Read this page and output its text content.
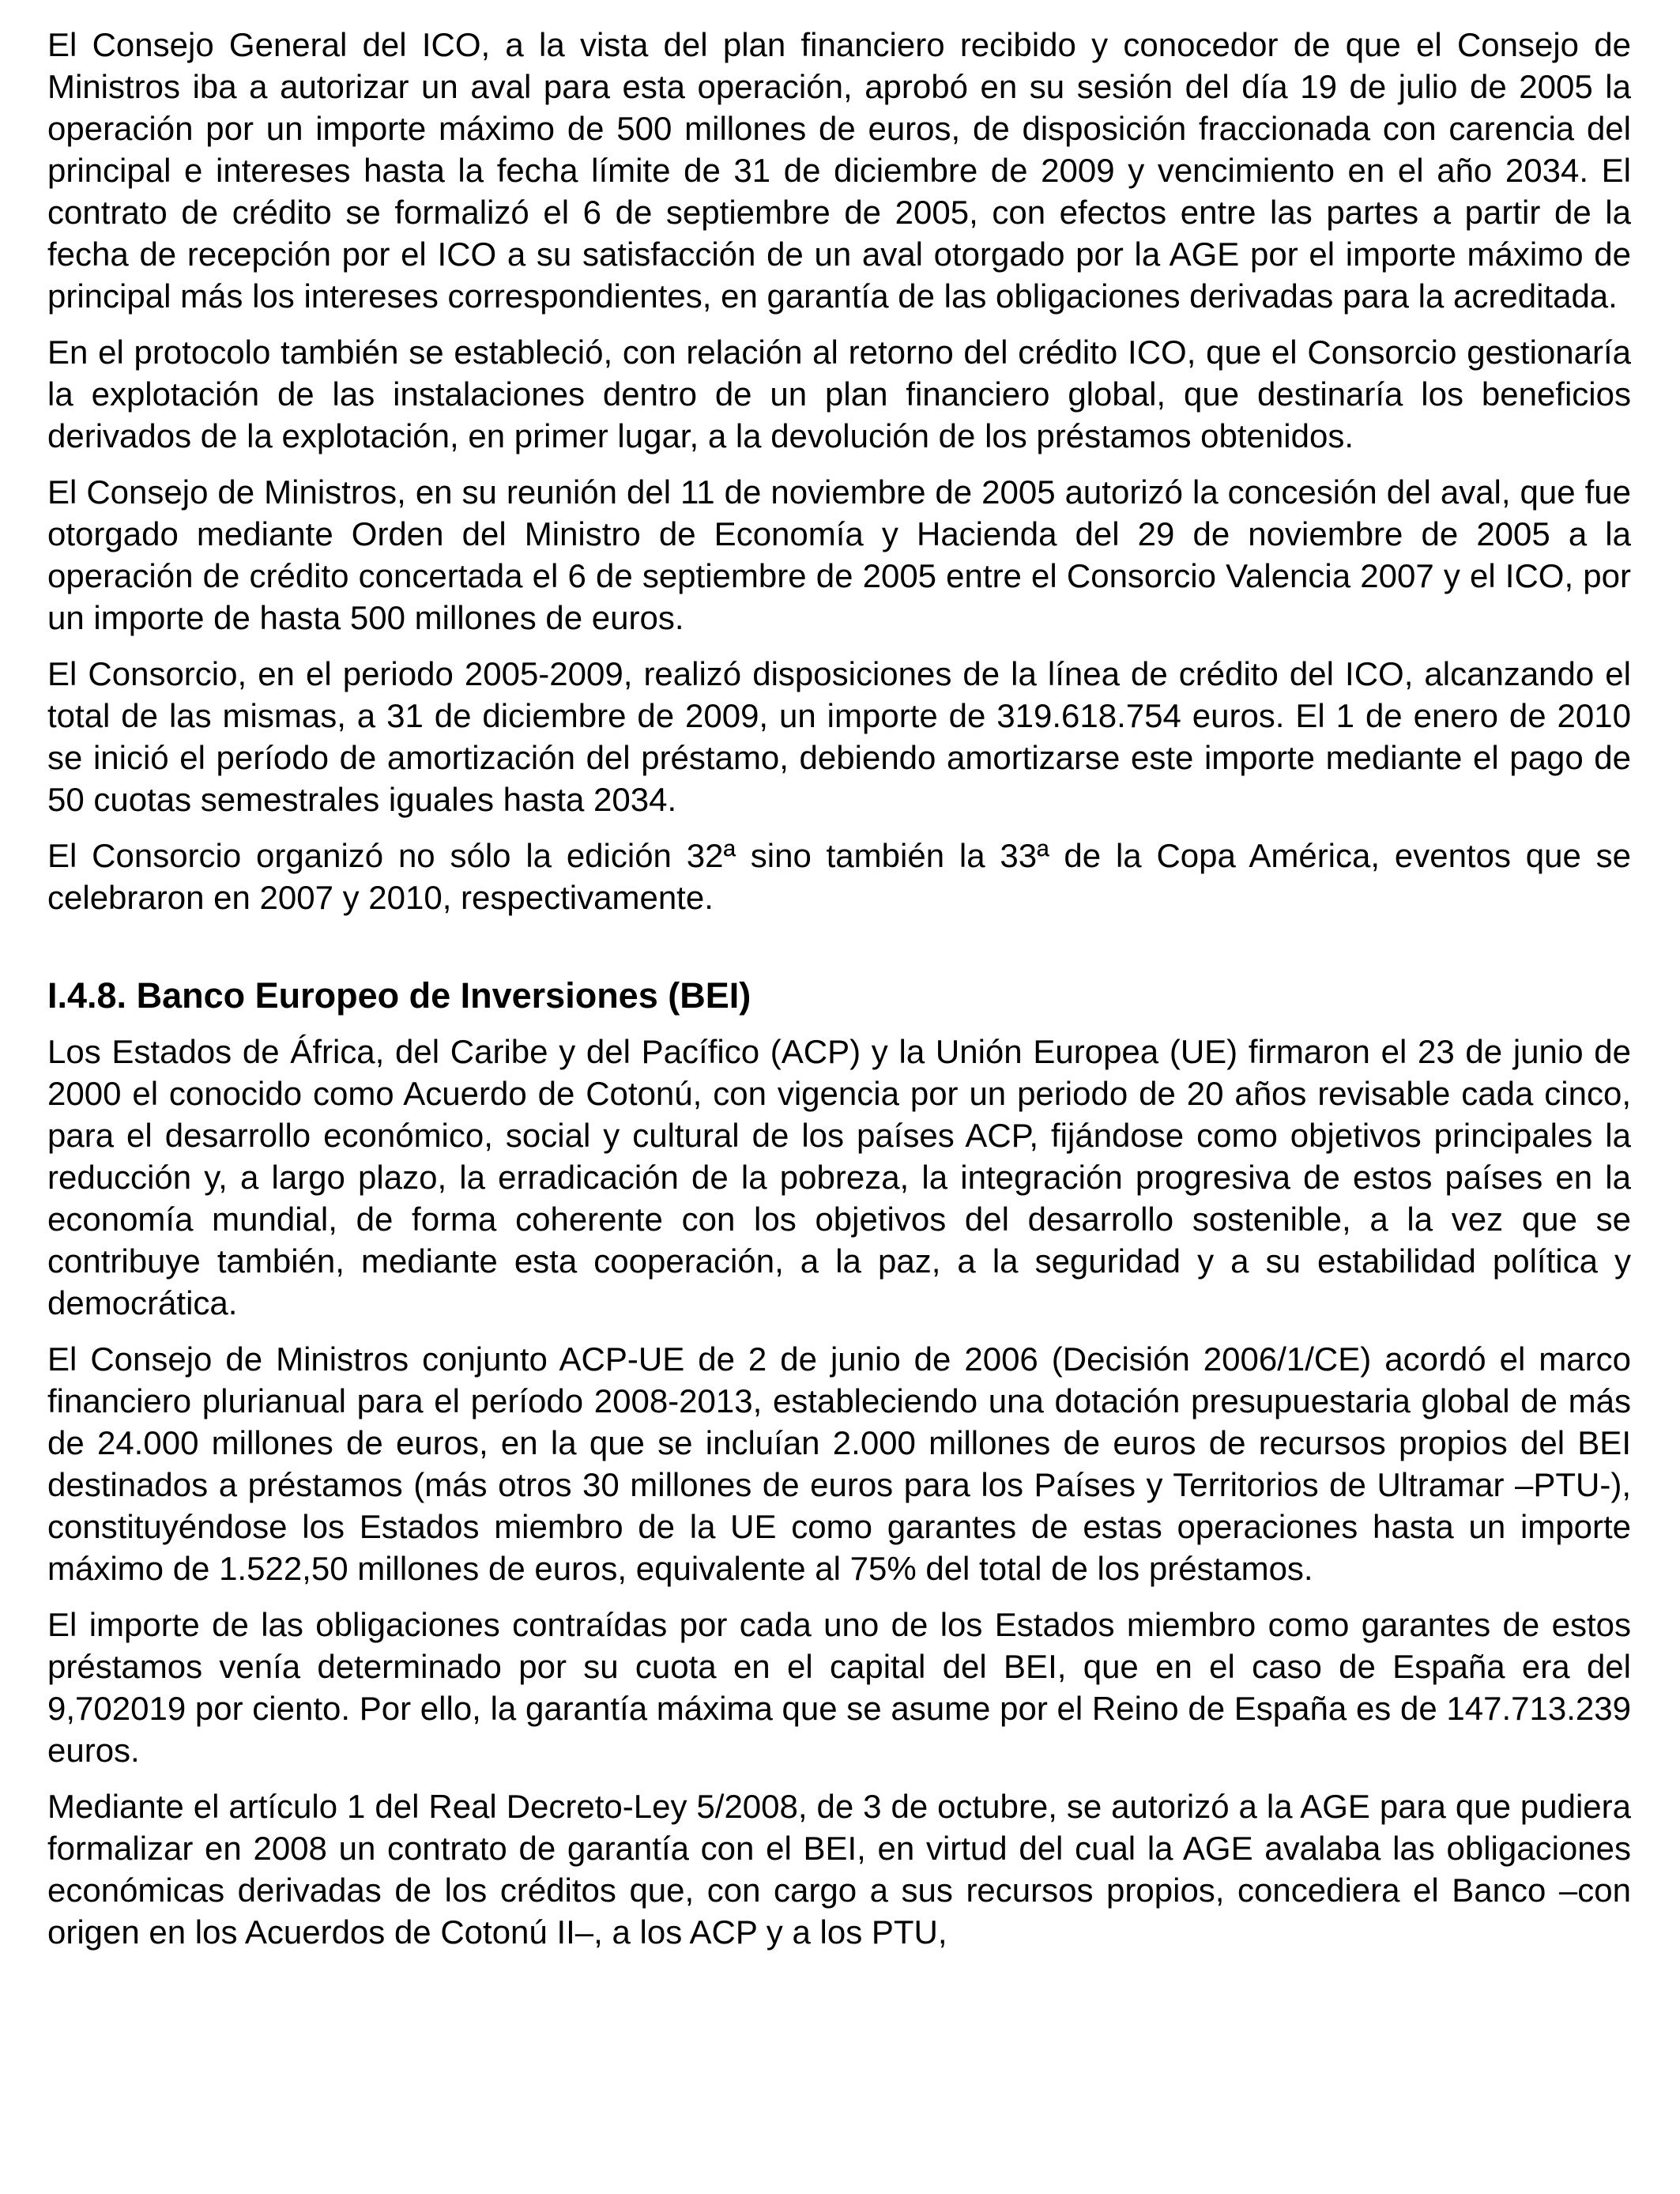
El Consejo General del ICO, a la vista del plan financiero recibido y conocedor de que el Consejo de Ministros iba a autorizar un aval para esta operación, aprobó en su sesión del día 19 de julio de 2005 la operación por un importe máximo de 500 millones de euros, de disposición fraccionada con carencia del principal e intereses hasta la fecha límite de 31 de diciembre de 2009 y vencimiento en el año 2034. El contrato de crédito se formalizó el 6 de septiembre de 2005, con efectos entre las partes a partir de la fecha de recepción por el ICO a su satisfacción de un aval otorgado por la AGE por el importe máximo de principal más los intereses correspondientes, en garantía de las obligaciones derivadas para la acreditada.

En el protocolo también se estableció, con relación al retorno del crédito ICO, que el Consorcio gestionaría la explotación de las instalaciones dentro de un plan financiero global, que destinaría los beneficios derivados de la explotación, en primer lugar, a la devolución de los préstamos obtenidos.

El Consejo de Ministros, en su reunión del 11 de noviembre de 2005 autorizó la concesión del aval, que fue otorgado mediante Orden del Ministro de Economía y Hacienda del 29 de noviembre de 2005 a la operación de crédito concertada el 6 de septiembre de 2005 entre el Consorcio Valencia 2007 y el ICO, por un importe de hasta 500 millones de euros.

El Consorcio, en el periodo 2005-2009, realizó disposiciones de la línea de crédito del ICO, alcanzando el total de las mismas, a 31 de diciembre de 2009, un importe de 319.618.754 euros. El 1 de enero de 2010 se inició el período de amortización del préstamo, debiendo amortizarse este importe mediante el pago de 50 cuotas semestrales iguales hasta 2034.

El Consorcio organizó no sólo la edición 32ª sino también la 33ª de la Copa América, eventos que se celebraron en 2007 y 2010, respectivamente.

I.4.8. Banco Europeo de Inversiones (BEI)

Los Estados de África, del Caribe y del Pacífico (ACP) y la Unión Europea (UE) firmaron el 23 de junio de 2000 el conocido como Acuerdo de Cotonú, con vigencia por un periodo de 20 años revisable cada cinco, para el desarrollo económico, social y cultural de los países ACP, fijándose como objetivos principales la reducción y, a largo plazo, la erradicación de la pobreza, la integración progresiva de estos países en la economía mundial, de forma coherente con los objetivos del desarrollo sostenible, a la vez que se contribuye también, mediante esta cooperación, a la paz, a la seguridad y a su estabilidad política y democrática.

El Consejo de Ministros conjunto ACP-UE de 2 de junio de 2006 (Decisión 2006/1/CE) acordó el marco financiero plurianual para el período 2008-2013, estableciendo una dotación presupuestaria global de más de 24.000 millones de euros, en la que se incluían 2.000 millones de euros de recursos propios del BEI destinados a préstamos (más otros 30 millones de euros para los Países y Territorios de Ultramar –PTU-), constituyéndose los Estados miembro de la UE como garantes de estas operaciones hasta un importe máximo de 1.522,50 millones de euros, equivalente al 75% del total de los préstamos.

El importe de las obligaciones contraídas por cada uno de los Estados miembro como garantes de estos préstamos venía determinado por su cuota en el capital del BEI, que en el caso de España era del 9,702019 por ciento. Por ello, la garantía máxima que se asume por el Reino de España es de 147.713.239 euros.

Mediante el artículo 1 del Real Decreto-Ley 5/2008, de 3 de octubre, se autorizó a la AGE para que pudiera formalizar en 2008 un contrato de garantía con el BEI, en virtud del cual la AGE avalaba las obligaciones económicas derivadas de los créditos que, con cargo a sus recursos propios, concediera el Banco –con origen en los Acuerdos de Cotonú II–, a los ACP y a los PTU,
